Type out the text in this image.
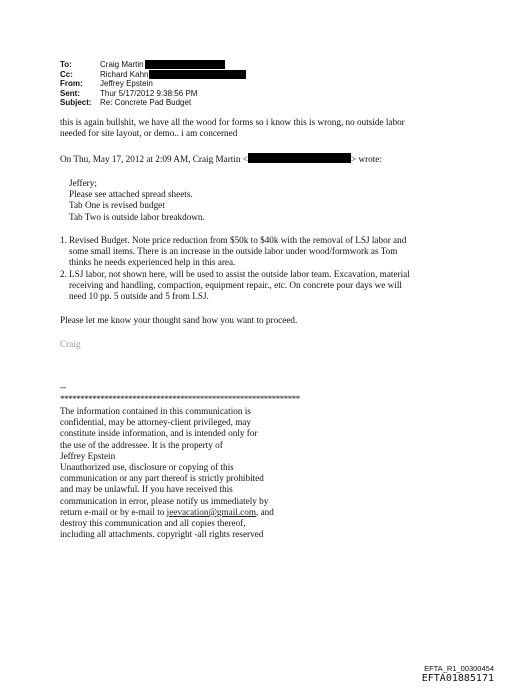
To:	Craig Martin
Cc:	Richard Kahn
From:	Jeffrey Epstein
Sent:	Thur 5/17/2012 9:38:56 PM
Subject:	Re: Concrete Pad Budget
this is again bullshit, we have all the wood for forms so i know this is wrong, no outside labor
needed for site layout, or demo.. i am concerned
On Thu, May 17, 2012 at 2:09 AM, Craig Martin <	> wrote:
Jeffery;
Please see attached spread sheets.
Tab One is revised budget
Tab Two is outside labor breakdown.
1. Revised Budget. Note price reduction from $50k to $40k with the removal of LSJ labor and
some small items. There is an increase in the outside labor under wood/formwork as Tom
thinks he needs experienced help in this area.
2. LSJ labor, not shown here, will be used to assist the outside labor team. Excavation, material
receiving and handling, compaction, equipment repair., etc. On concrete pour days we will
need 10 pp. 5 outside and 5 from LSJ.
Please let me know your thought sand how you want to proceed.
Craig
--
************************************************************
The information contained in this communication is
confidential, may be attorney-client privileged, may
constitute inside information, and is intended only for
the use of the addressee. It is the property of
Jeffrey Epstein
Unauthorized use, disclosure or copying of this
communication or any part thereof is strictly prohibited
and may be unlawful. If you have received this
communication in error, please notify us immediately by
return e-mail or by e-mail to jeevacation@gmail.com, and
destroy this communication and all copies thereof,
including all attachments. copyright -all rights reserved
EFTA_R1_00300454
EFTA01885171
